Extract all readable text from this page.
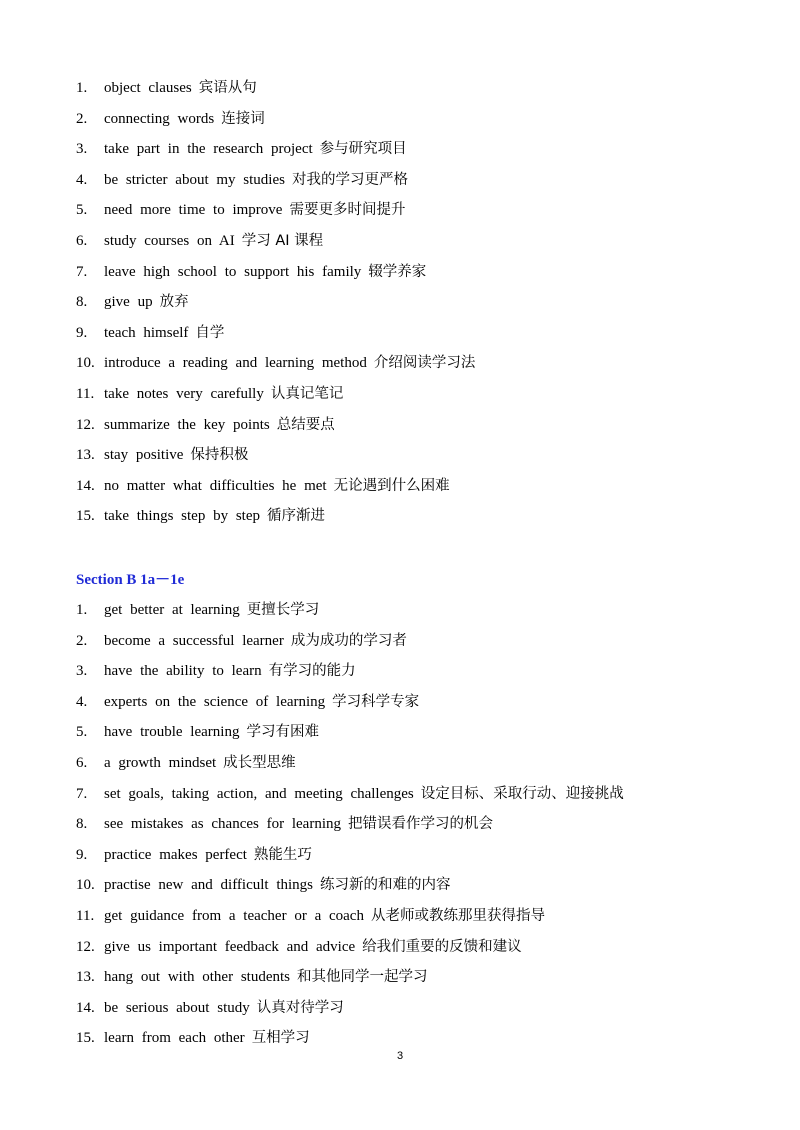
1.	object clauses 宾语从句
2.	connecting words 连接词
3.	take part in the research project 参与研究项目
4.	be stricter about my studies 对我的学习更严格
5.	need more time to improve 需要更多时间提升
6.	study courses on AI 学习 AI 课程
7.	leave high school to support his family 辍学养家
8.	give up 放弃
9.	teach himself 自学
10. introduce a reading and learning method 介绍阅读学习法
11. take notes very carefully 认真记笔记
12. summarize the key points 总结要点
13. stay positive 保持积极
14. no matter what difficulties he met 无论遇到什么困难
15. take things step by step 循序渐进
Section B 1a－1e
1.	get better at learning 更擅长学习
2.	become a successful learner 成为成功的学习者
3.	have the ability to learn 有学习的能力
4.	experts on the science of learning 学习科学专家
5.	have trouble learning 学习有困难
6.	a growth mindset 成长型思维
7.	set goals, taking action, and meeting challenges 设定目标、采取行动、迎接挑战
8.	see mistakes as chances for learning 把错误看作学习的机会
9.	practice makes perfect 熟能生巧
10. practise new and difficult things 练习新的和难的内容
11. get guidance from a teacher or a coach 从老师或教练那里获得指导
12. give us important feedback and advice 给我们重要的反馈和建议
13. hang out with other students 和其他同学一起学习
14. be serious about study 认真对待学习
15. learn from each other 互相学习
3
